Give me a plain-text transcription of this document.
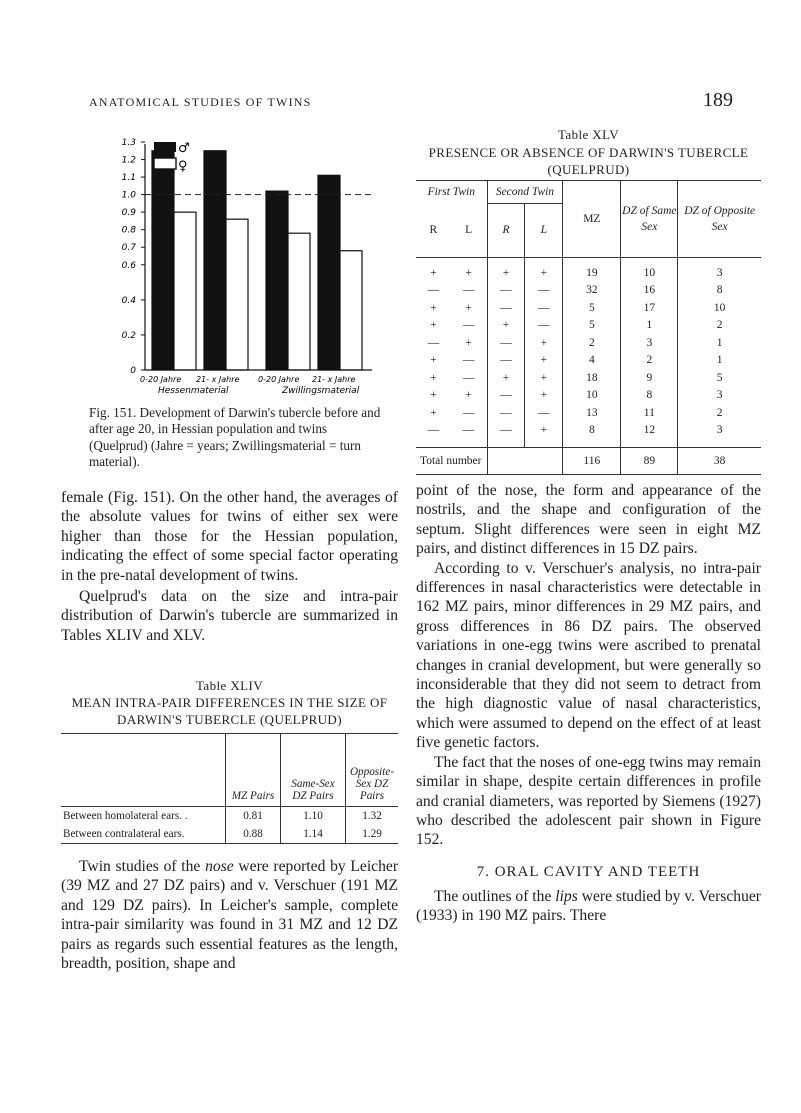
ANATOMICAL STUDIES OF TWINS	189
1.3
1.2
1.1
1.0
0.9
0.8
0.7
0.6
0.4
0.2
0
♂
♀
0-20 Jahre 21- x Jahre 0-20 Jahre 21- x Jahre
Hessenmaterial	Zwillingsmaterial
Fig. 151. Development of Darwin's tubercle before and after age 20, in Hessian population and twins (Quelprud) (Jahre = years; Zwillingsmaterial = turn material).

female (Fig. 151). On the other hand, the averages of the absolute values for twins of either sex were higher than those for the Hessian population, indicating the effect of some special factor operating in the pre-natal development of twins.

Quelprud's data on the size and intra-pair distribution of Darwin's tubercle are summarized in Tables XLIV and XLV.

Table XLIV
MEAN INTRA-PAIR DIFFERENCES IN THE SIZE OF DARWIN'S TUBERCLE (QUELPRUD)
	MZ Pairs	Same-Sex DZ Pairs	Opposite-Sex DZ Pairs
Between homolateral ears. .	0.81	1.10	1.32
Between contralateral ears.	0.88	1.14	1.29

Twin studies of the nose were reported by Leicher (39 MZ and 27 DZ pairs) and v. Verschuer (191 MZ and 129 DZ pairs). In Leicher's sample, complete intra-pair similarity was found in 31 MZ and 12 DZ pairs as regards such essential features as the length, breadth, position, shape and

Table XLV
PRESENCE OR ABSENCE OF DARWIN'S TUBERCLE (QUELPRUD)
First Twin		Second Twin		MZ	DZ of Same Sex	DZ of Opposite Sex
R	L	R	L			
+	+	+	+	19	10	3
—	—	—	—	32	16	8
+	+	—	—	5	17	10
+	—	+	—	5	1	2
—	+	—	+	2	3	1
+	—	—	+	4	2	1
+	—	+	+	18	9	5
+	+	—	+	10	8	3
+	—	—	—	13	11	2
—	—	—	+	8	12	3
Total number				116	89	38

point of the nose, the form and appearance of the nostrils, and the shape and configuration of the septum. Slight differences were seen in eight MZ pairs, and distinct differences in 15 DZ pairs.

According to v. Verschuer's analysis, no intra-pair differences in nasal characteristics were detectable in 162 MZ pairs, minor differences in 29 MZ pairs, and gross differences in 86 DZ pairs. The observed variations in one-egg twins were ascribed to prenatal changes in cranial development, but were generally so inconsiderable that they did not seem to detract from the high diagnostic value of nasal characteristics, which were assumed to depend on the effect of at least five genetic factors.

The fact that the noses of one-egg twins may remain similar in shape, despite certain differences in profile and cranial diameters, was reported by Siemens (1927) who described the adolescent pair shown in Figure 152.

7. ORAL CAVITY AND TEETH

The outlines of the lips were studied by v. Verschuer (1933) in 190 MZ pairs. There
